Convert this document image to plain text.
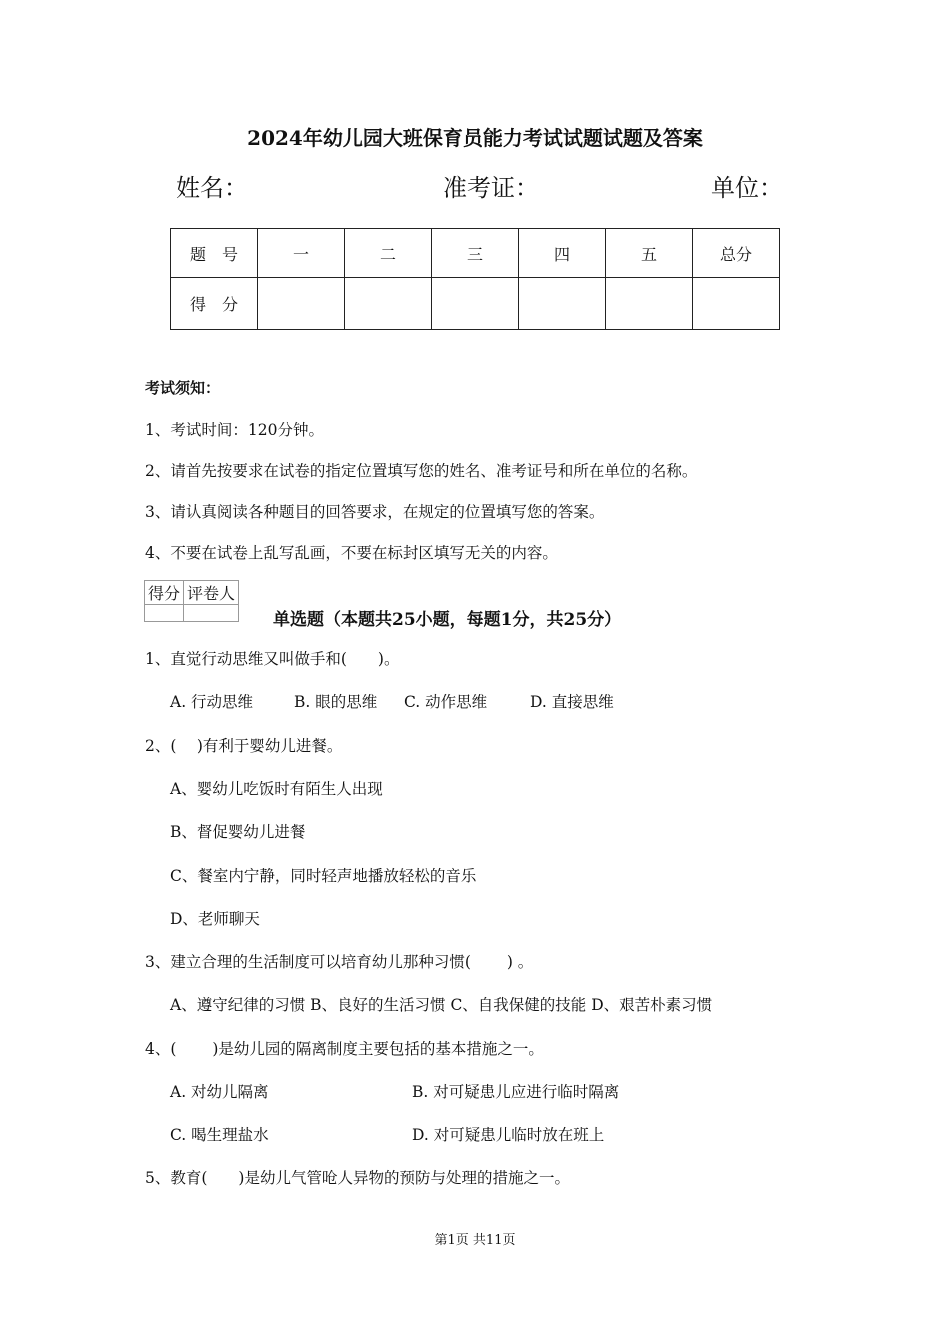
2024年幼儿园大班保育员能力考试试题试题及答案
姓名：	准考证：	单位：
题　号	一	二	三	四	五	总分
得　分						
考试须知：
1、考试时间：120分钟。
2、请首先按要求在试卷的指定位置填写您的姓名、准考证号和所在单位的名称。
3、请认真阅读各种题目的回答要求，在规定的位置填写您的答案。
4、不要在试卷上乱写乱画，不要在标封区填写无关的内容。
得分	评卷人

单选题（本题共25小题，每题1分，共25分）
1、直觉行动思维又叫做手和(　　)。
A. 行动思维	B. 眼的思维 C. 动作思维	D. 直接思维
2、(　 )有利于婴幼儿进餐。
A、婴幼儿吃饭时有陌生人出现
B、督促婴幼儿进餐
C、餐室内宁静，同时轻声地播放轻松的音乐
D、老师聊天
3、建立合理的生活制度可以培育幼儿那种习惯(　　 ) 。
A、遵守纪律的习惯 B、良好的生活习惯 C、自我保健的技能 D、艰苦朴素习惯
4、(　　 )是幼儿园的隔离制度主要包括的基本措施之一。
A. 对幼儿隔离	B. 对可疑患儿应进行临时隔离
C. 喝生理盐水	D. 对可疑患儿临时放在班上
5、教育(　　)是幼儿气管呛人异物的预防与处理的措施之一。
第1页 共11页
